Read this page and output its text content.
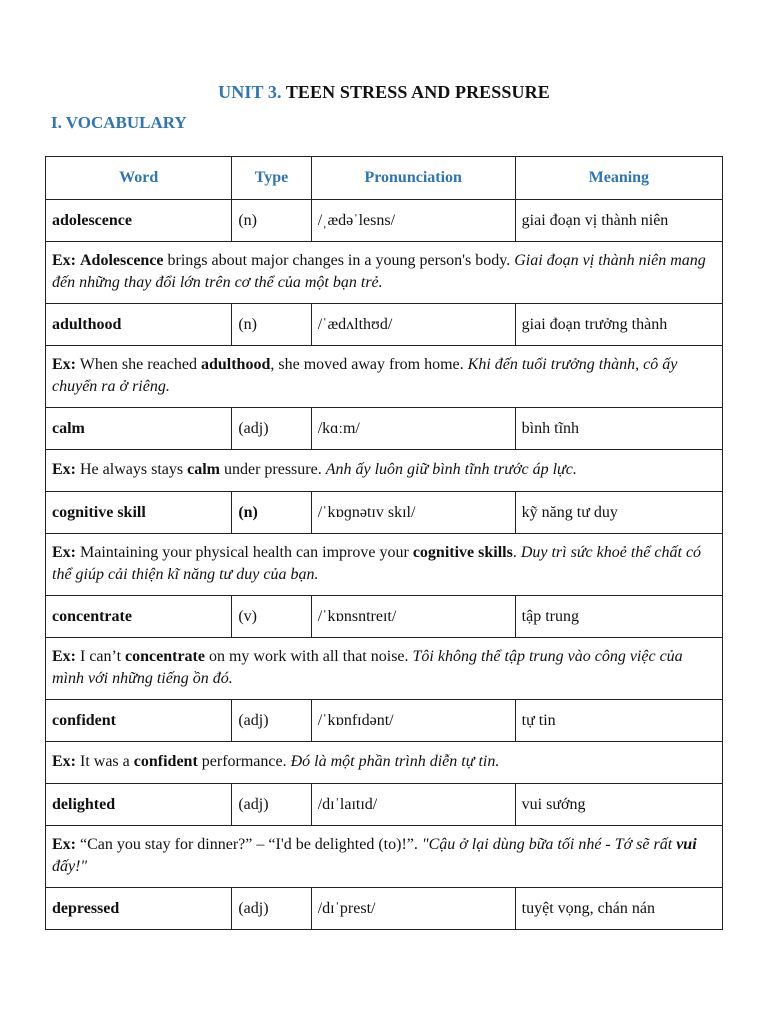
UNIT 3. TEEN STRESS AND PRESSURE
I. VOCABULARY
Word	Type	Pronunciation	Meaning
adolescence	(n)	/ˌædəˈlesns/	giai đoạn vị thành niên
Ex: Adolescence brings about major changes in a young person's body. Giai đoạn vị thành niên mang đến những thay đổi lớn trên cơ thể của một bạn trẻ.			
adulthood	(n)	/ˈædʌlthʊd/	giai đoạn trưởng thành
Ex: When she reached adulthood, she moved away from home. Khi đến tuổi trưởng thành, cô ấy chuyển ra ở riêng.			
calm	(adj)	/kɑːm/	bình tĩnh
Ex: He always stays calm under pressure. Anh ấy luôn giữ bình tĩnh trước áp lực.			
cognitive skill	(n)	/ˈkɒɡnətɪv skɪl/	kỹ năng tư duy
Ex: Maintaining your physical health can improve your cognitive skills. Duy trì sức khoẻ thể chất có thể giúp cải thiện kĩ năng tư duy của bạn.			
concentrate	(v)	/ˈkɒnsntreɪt/	tập trung
Ex: I can’t concentrate on my work with all that noise. Tôi không thể tập trung vào công việc của mình với những tiếng ồn đó.			
confident	(adj)	/ˈkɒnfɪdənt/	tự tin
Ex: It was a confident performance. Đó là một phần trình diễn tự tin.			
delighted	(adj)	/dɪˈlaɪtɪd/	vui sướng
Ex: “Can you stay for dinner?” – “I'd be delighted (to)!”. "Cậu ở lại dùng bữa tối nhé - Tớ sẽ rất vui đấy!"			
depressed	(adj)	/dɪˈprest/	tuyệt vọng, chán nán
